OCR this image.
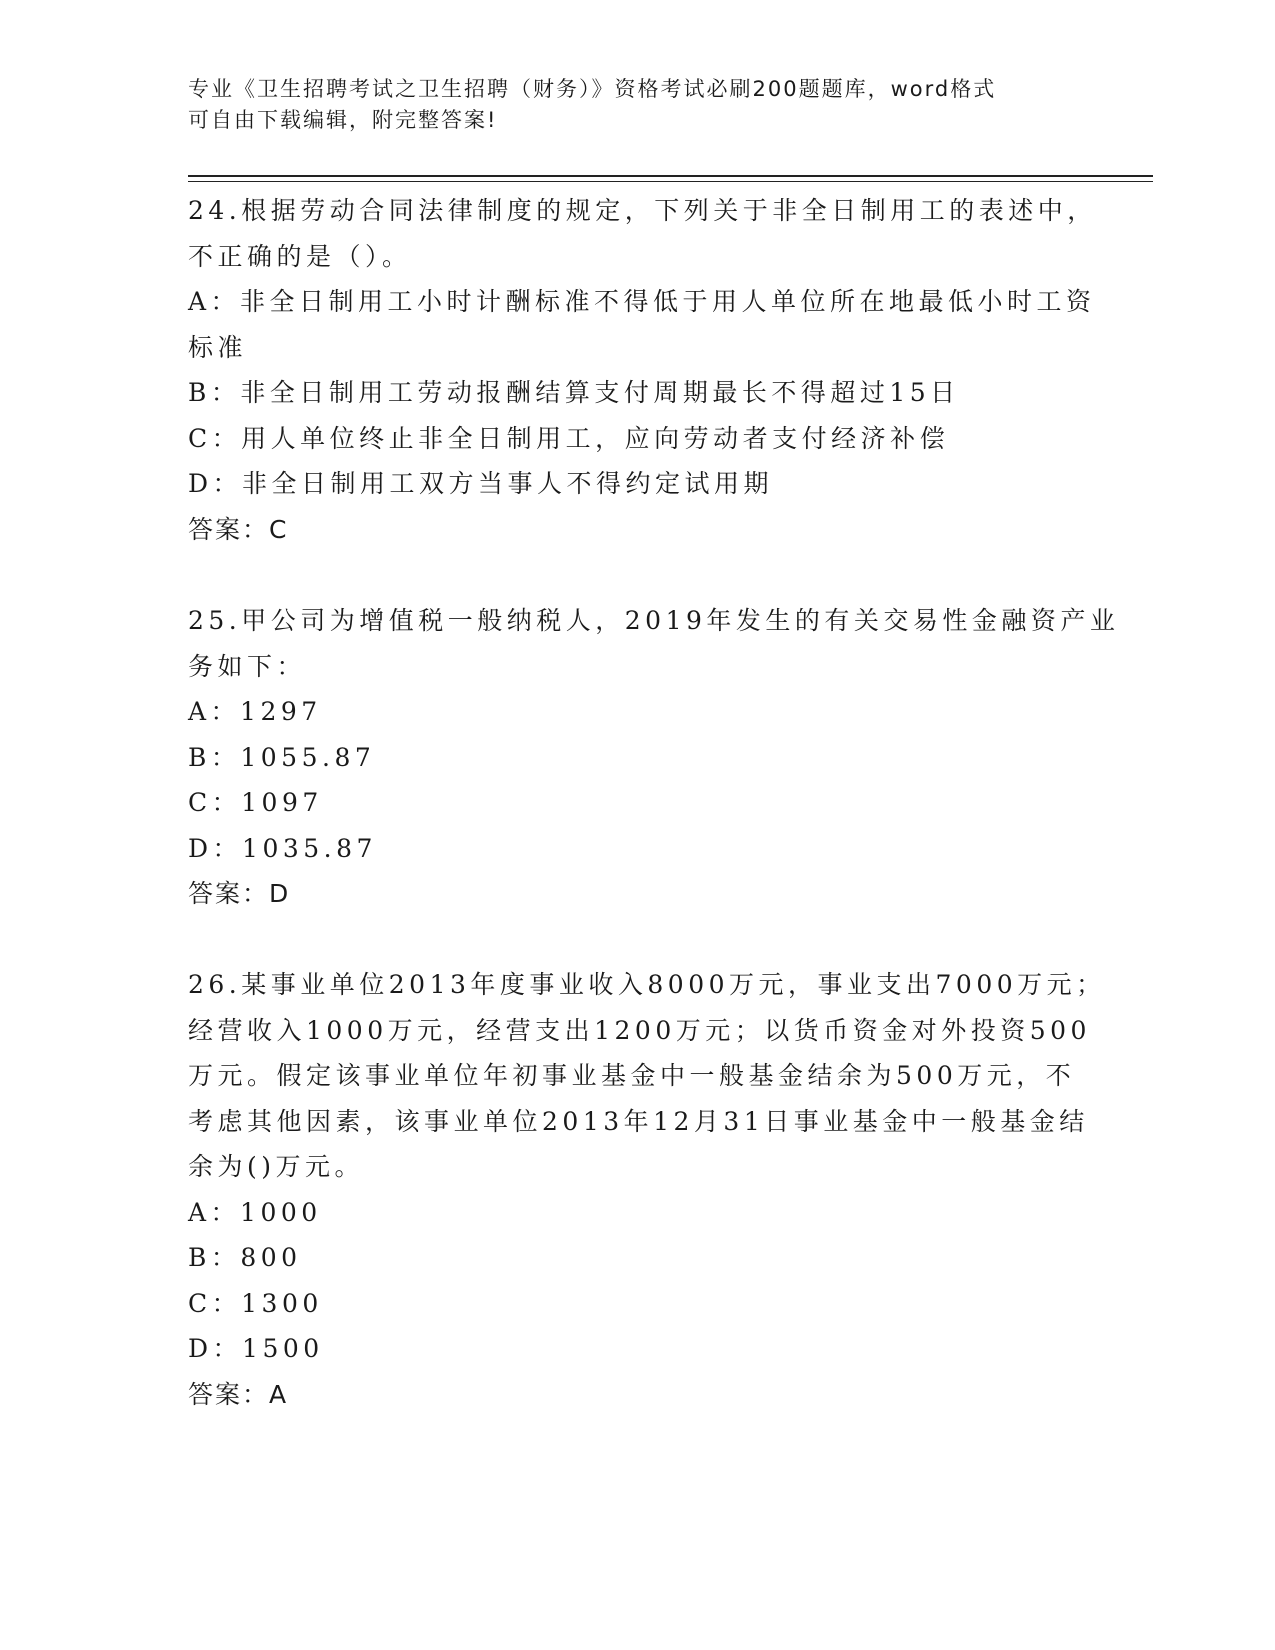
专业《卫生招聘考试之卫生招聘（财务）》资格考试必刷200题题库，word格式
可自由下载编辑，附完整答案!
24.根据劳动合同法律制度的规定，下列关于非全日制用工的表述中，
不正确的是（）。
A：非全日制用工小时计酬标准不得低于用人单位所在地最低小时工资
标准
B：非全日制用工劳动报酬结算支付周期最长不得超过15日
C：用人单位终止非全日制用工，应向劳动者支付经济补偿
D：非全日制用工双方当事人不得约定试用期
答案：C
25.甲公司为增值税一般纳税人，2019年发生的有关交易性金融资产业
务如下：
A：1297
B：1055.87
C：1097
D：1035.87
答案：D
26.某事业单位2013年度事业收入8000万元，事业支出7000万元；
经营收入1000万元，经营支出1200万元；以货币资金对外投资500
万元。假定该事业单位年初事业基金中一般基金结余为500万元，不
考虑其他因素，该事业单位2013年12月31日事业基金中一般基金结
余为()万元。
A：1000
B：800
C：1300
D：1500
答案：A
